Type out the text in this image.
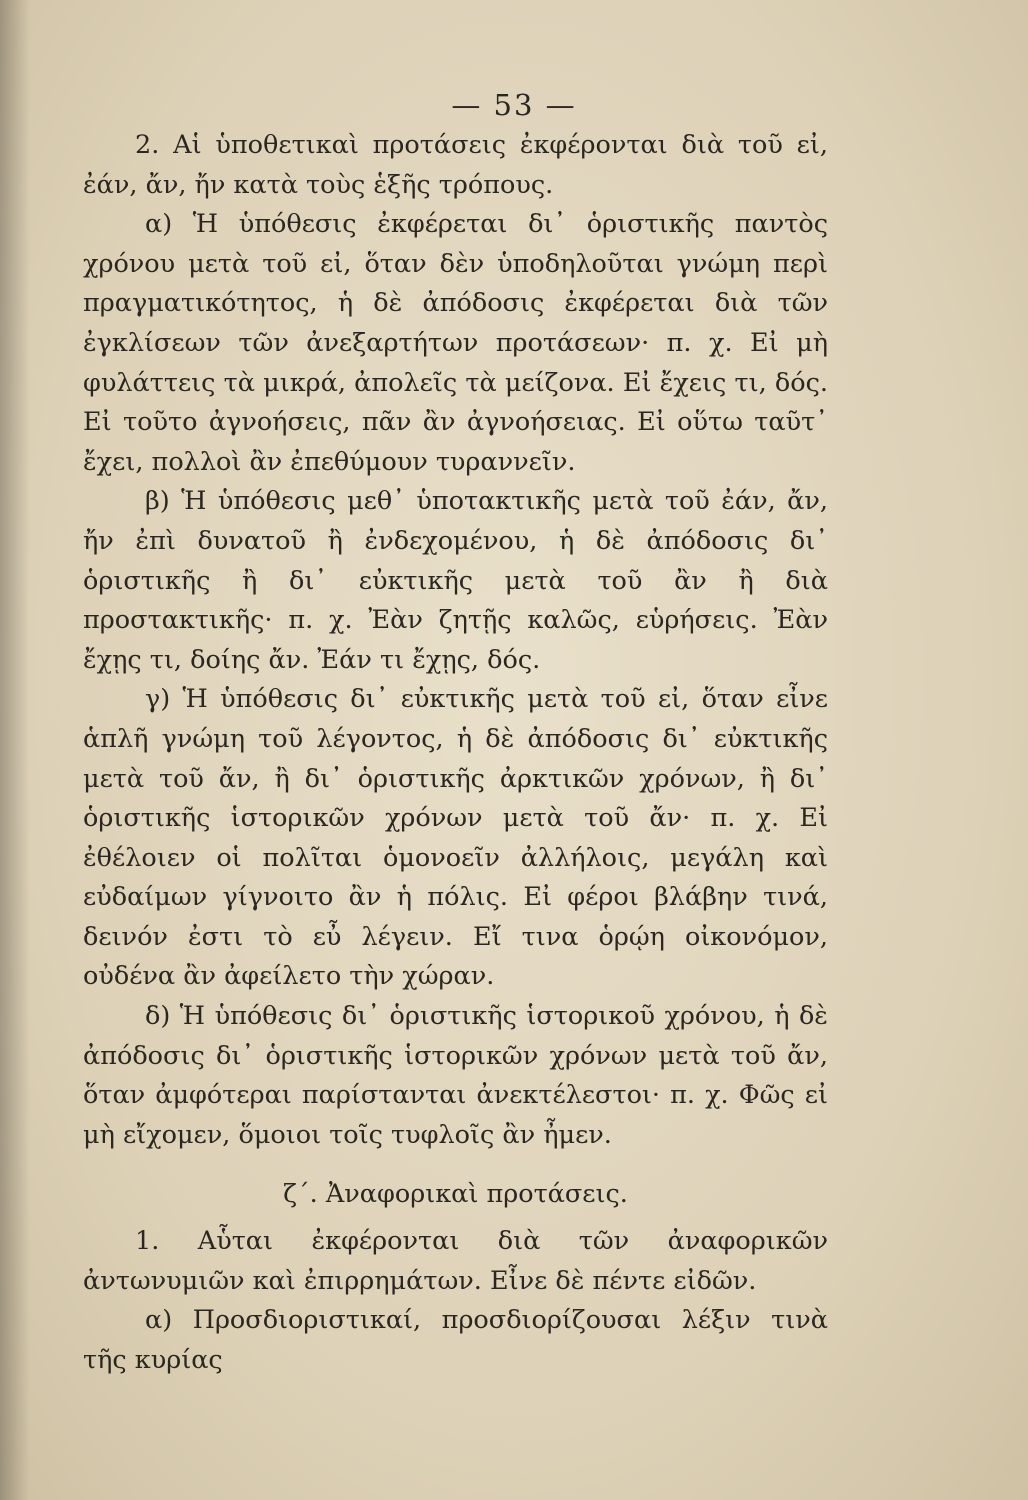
— 53 —

2. Αἱ ὑποθετικαὶ προτάσεις ἐκφέρονται διὰ τοῦ εἰ, ἐάν, ἄν, ἤν κατὰ τοὺς ἑξῆς τρόπους.

α) Ἡ ὑπόθεσις ἐκφέρεται δι᾽ ὁριστικῆς παντὸς χρόνου μετὰ τοῦ εἰ, ὅταν δὲν ὑποδηλοῦται γνώμη περὶ πραγματικότητος, ἡ δὲ ἀπόδοσις ἐκφέρεται διὰ τῶν ἐγκλίσεων τῶν ἀνεξαρτήτων προτάσεων· π. χ. Εἰ μὴ φυλάττεις τὰ μικρά, ἀπολεῖς τὰ μείζονα. Εἰ ἔχεις τι, δός. Εἰ τοῦτο ἀγνοήσεις, πᾶν ἂν ἀγνοήσειας. Εἰ οὕτω ταῦτ᾽ ἔχει, πολλοὶ ἂν ἐπεθύμουν τυραννεῖν.

β) Ἡ ὑπόθεσις μεθ᾽ ὑποτακτικῆς μετὰ τοῦ ἐάν, ἄν, ἤν ἐπὶ δυνατοῦ ἢ ἐνδεχομένου, ἡ δὲ ἀπόδοσις δι᾽ ὁριστικῆς ἢ δι᾽ εὐκτικῆς μετὰ τοῦ ἂν ἢ διὰ προστακτικῆς· π. χ. Ἐὰν ζητῇς καλῶς, εὑρήσεις. Ἐὰν ἔχῃς τι, δοίης ἄν. Ἐάν τι ἔχῃς, δός.

γ) Ἡ ὑπόθεσις δι᾽ εὐκτικῆς μετὰ τοῦ εἰ, ὅταν εἶνε ἁπλῆ γνώμη τοῦ λέγοντος, ἡ δὲ ἀπόδοσις δι᾽ εὐκτικῆς μετὰ τοῦ ἄν, ἢ δι᾽ ὁριστικῆς ἀρκτικῶν χρόνων, ἢ δι᾽ ὁριστικῆς ἱστορικῶν χρόνων μετὰ τοῦ ἄν· π. χ. Εἰ ἐθέλοιεν οἱ πολῖται ὁμονοεῖν ἀλλήλοις, μεγάλη καὶ εὐδαίμων γίγνοιτο ἂν ἡ πόλις. Εἰ φέροι βλάβην τινά, δεινόν ἐστι τὸ εὖ λέγειν. Εἴ τινα ὁρῴη οἰκονόμον, οὐδένα ἂν ἀφείλετο τὴν χώραν.

δ) Ἡ ὑπόθεσις δι᾽ ὁριστικῆς ἱστορικοῦ χρόνου, ἡ δὲ ἀπόδοσις δι᾽ ὁριστικῆς ἱστορικῶν χρόνων μετὰ τοῦ ἄν, ὅταν ἀμφότεραι παρίστανται ἀνεκτέλεστοι· π. χ. Φῶς εἰ μὴ εἴχομεν, ὅμοιοι τοῖς τυφλοῖς ἂν ἦμεν.

ζ΄. Ἀναφορικαὶ προτάσεις.

1. Αὗται ἐκφέρονται διὰ τῶν ἀναφορικῶν ἀντωνυμιῶν καὶ ἐπιρρημάτων. Εἶνε δὲ πέντε εἰδῶν.

α) Προσδιοριστικαί, προσδιορίζουσαι λέξιν τινὰ τῆς κυρίας
